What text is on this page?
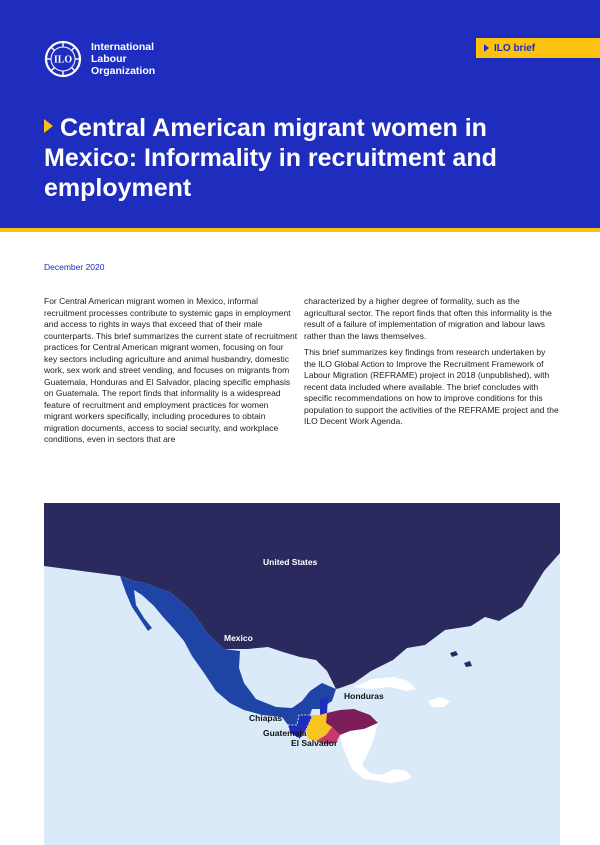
ILO
International
Labour
Organization
ILO brief
Central American migrant women in Mexico: Informality in recruitment and employment
December 2020

For Central American migrant women in Mexico, informal recruitment processes contribute to systemic gaps in employment and access to rights in ways that exceed that of their male counterparts. This brief summarizes the current state of recruitment practices for Central American migrant women, focusing on four key sectors including agriculture and animal husbandry, domestic work, sex work and street vending, and focuses on migrants from Guatemala, Honduras and El Salvador, placing specific emphasis on Guatemala. The report finds that informality is a widespread feature of recruitment and employment practices for women migrant workers specifically, including procedures to obtain migration documents, access to social security, and workplace conditions, even in sectors that are

characterized by a higher degree of formality, such as the agricultural sector. The report finds that often this informality is the result of a failure of implementation of migration and labour laws rather than the laws themselves.

This brief summarizes key findings from research undertaken by the ILO Global Action to Improve the Recruitment Framework of Labour Migration (REFRAME) project in 2018 (unpublished), with recent data included where available. The brief concludes with specific recommendations on how to improve conditions for this population to support the activities of the REFRAME project and the ILO Decent Work Agenda.

United States
Mexico
Honduras
Chiapas
Guatemala
El Salvador
